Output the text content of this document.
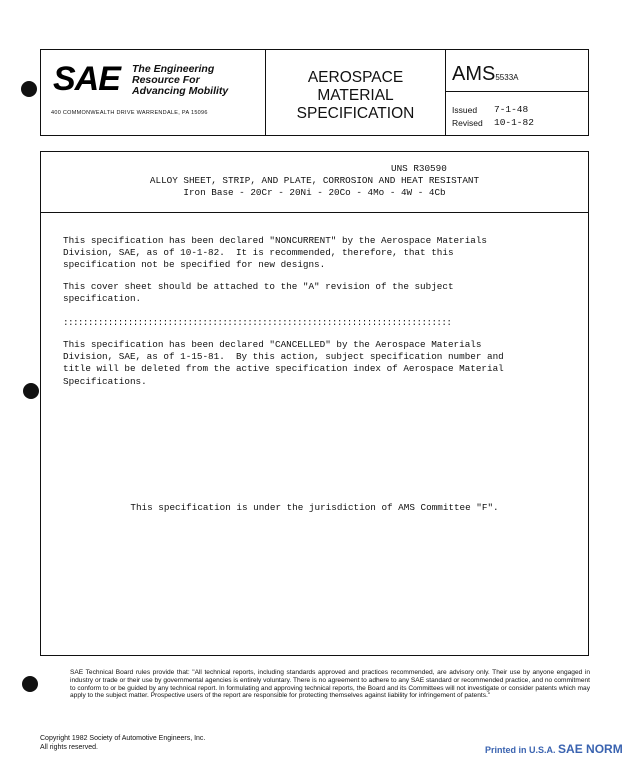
SAE The Engineering
Resource For
Advancing Mobility
400 COMMONWEALTH DRIVE WARRENDALE, PA 15096
AEROSPACE
MATERIAL
SPECIFICATION
AMS5533A
Issued 7-1-48
Revised 10-1-82
UNS R30590
ALLOY SHEET, STRIP, AND PLATE, CORROSION AND HEAT RESISTANT
Iron Base - 20Cr - 20Ni - 20Co - 4Mo - 4W - 4Cb
This specification has been declared "NONCURRENT" by the Aerospace Materials
Division, SAE, as of 10-1-82.  It is recommended, therefore, that this
specification not be specified for new designs.
This cover sheet should be attached to the "A" revision of the subject
specification.
::::::::::::::::::::::::::::::::::::::::::::::::::::::::::::::::::::::::::::::
This specification has been declared "CANCELLED" by the Aerospace Materials
Division, SAE, as of 1-15-81.  By this action, subject specification number and
title will be deleted from the active specification index of Aerospace Material
Specifications.
This specification is under the jurisdiction of AMS Committee "F".
SAE Technical Board rules provide that: "All technical reports, including standards approved and practices recommended, are advisory only. Their use by anyone engaged in industry or trade or their use by governmental agencies is entirely voluntary. There is no agreement to adhere to any SAE standard or recommended practice, and no commitment to conform to or be guided by any technical report. In formulating and approving technical reports, the Board and its Committees will not investigate or consider patents which may apply to the subject matter. Prospective users of the report are responsible for protecting themselves against liability for infringement of patents."
Copyright 1982 Society of Automotive Engineers, Inc.
All rights reserved.	Printed in U.S.A. SAE NORM
